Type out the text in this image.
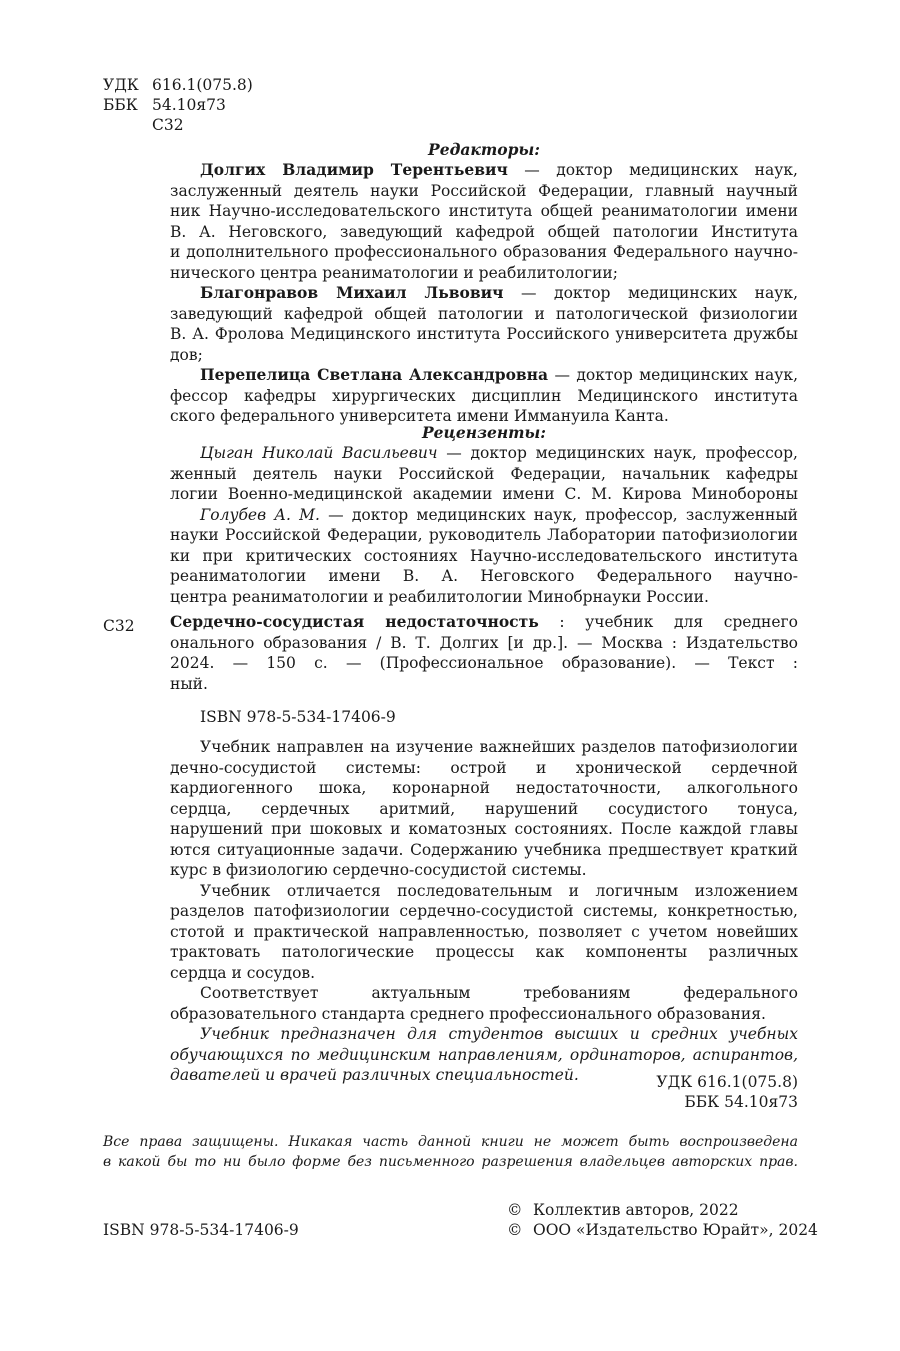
УДК 616.1(075.8)
ББК 54.10я73
С32
Редакторы:
Долгих Владимир Терентьевич — доктор медицинских наук,
заслуженный деятель науки Российской Федерации, главный научный
ник Научно-исследовательского института общей реаниматологии имени
В. А. Неговского, заведующий кафедрой общей патологии Института
и дополнительного профессионального образования Федерального научно-
нического центра реаниматологии и реабилитологии;
Благонравов Михаил Львович — доктор медицинских наук,
заведующий кафедрой общей патологии и патологической физиологии
В. А. Фролова Медицинского института Российского университета дружбы
дов;
Перепелица Светлана Александровна — доктор медицинских наук,
фессор кафедры хирургических дисциплин Медицинского института
ского федерального университета имени Иммануила Канта.
Рецензенты:
Цыган Николай Васильевич — доктор медицинских наук, профессор,
женный деятель науки Российской Федерации, начальник кафедры
логии Военно-медицинской академии имени С. М. Кирова Минобороны
Голубев А. М. — доктор медицинских наук, профессор, заслуженный
науки Российской Федерации, руководитель Лаборатории патофизиологии
ки при критических состояниях Научно-исследовательского института
реаниматологии имени В. А. Неговского Федерального научно-
центра реаниматологии и реабилитологии Минобрнауки России.
С32 Сердечно-сосудистая недостаточность : учебник для среднего
онального образования / В. Т. Долгих [и др.]. — Москва : Издательство
2024. — 150 с. — (Профессиональное образование). — Текст :
ный.
ISBN 978-5-534-17406-9
Учебник направлен на изучение важнейших разделов патофизиологии
дечно-сосудистой системы: острой и хронической сердечной
кардиогенного шока, коронарной недостаточности, алкогольного
сердца, сердечных аритмий, нарушений сосудистого тонуса,
нарушений при шоковых и коматозных состояниях. После каждой главы
ются ситуационные задачи. Содержанию учебника предшествует краткий
курс в физиологию сердечно-сосудистой системы.
Учебник отличается последовательным и логичным изложением
разделов патофизиологии сердечно-сосудистой системы, конкретностью,
стотой и практической направленностью, позволяет с учетом новейших
трактовать патологические процессы как компоненты различных
сердца и сосудов.
Соответствует актуальным требованиям федерального
образовательного стандарта среднего профессионального образования.
Учебник предназначен для студентов высших и средних учебных
обучающихся по медицинским направлениям, ординаторов, аспирантов,
давателей и врачей различных специальностей.	УДК 616.1(075.8)
ББК 54.10я73
Все права защищены. Никакая часть данной книги не может быть воспроизведена
в какой бы то ни было форме без письменного разрешения владельцев авторских прав.
© Коллектив авторов, 2022
ISBN 978-5-534-17406-9	© ООО «Издательство Юрайт», 2024
